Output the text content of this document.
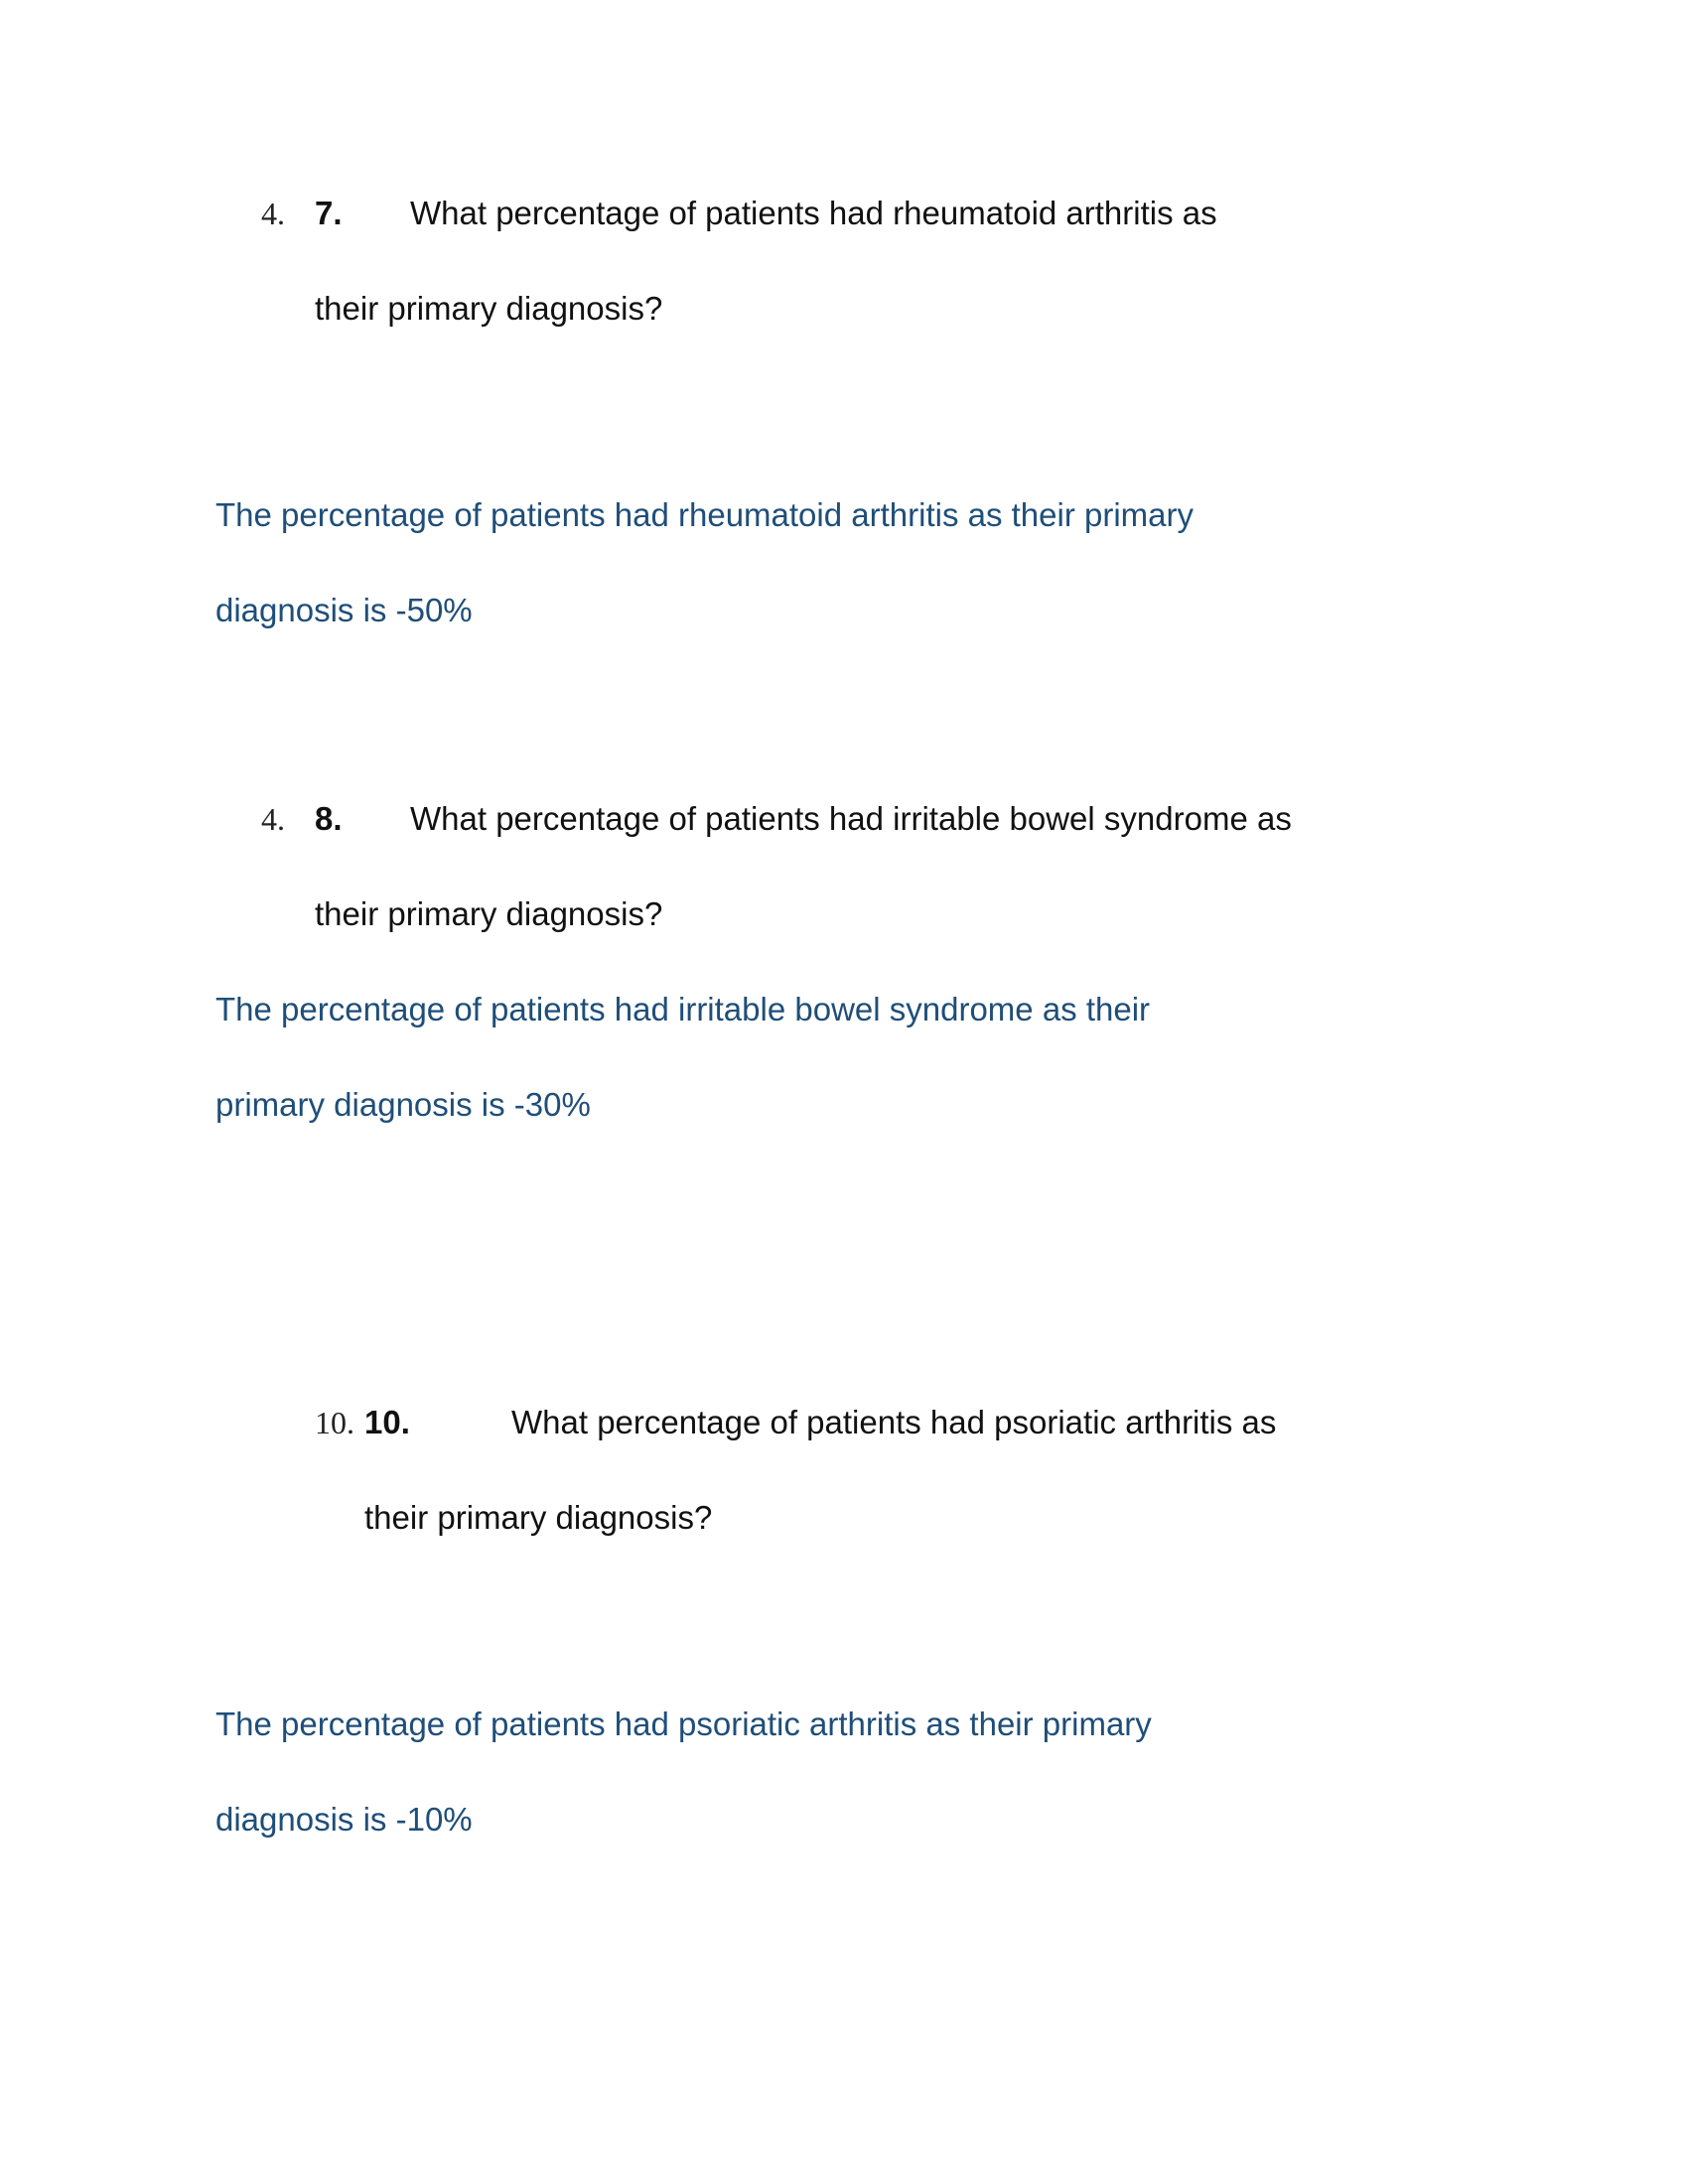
4. 7. What percentage of patients had rheumatoid arthritis as
their primary diagnosis?
The percentage of patients had rheumatoid arthritis as their primary
diagnosis is -50%
4. 8. What percentage of patients had irritable bowel syndrome as
their primary diagnosis?
The percentage of patients had irritable bowel syndrome as their
primary diagnosis is -30%
10. 10.	What percentage of patients had psoriatic arthritis as
their primary diagnosis?
The percentage of patients had psoriatic arthritis as their primary
diagnosis is -10%
